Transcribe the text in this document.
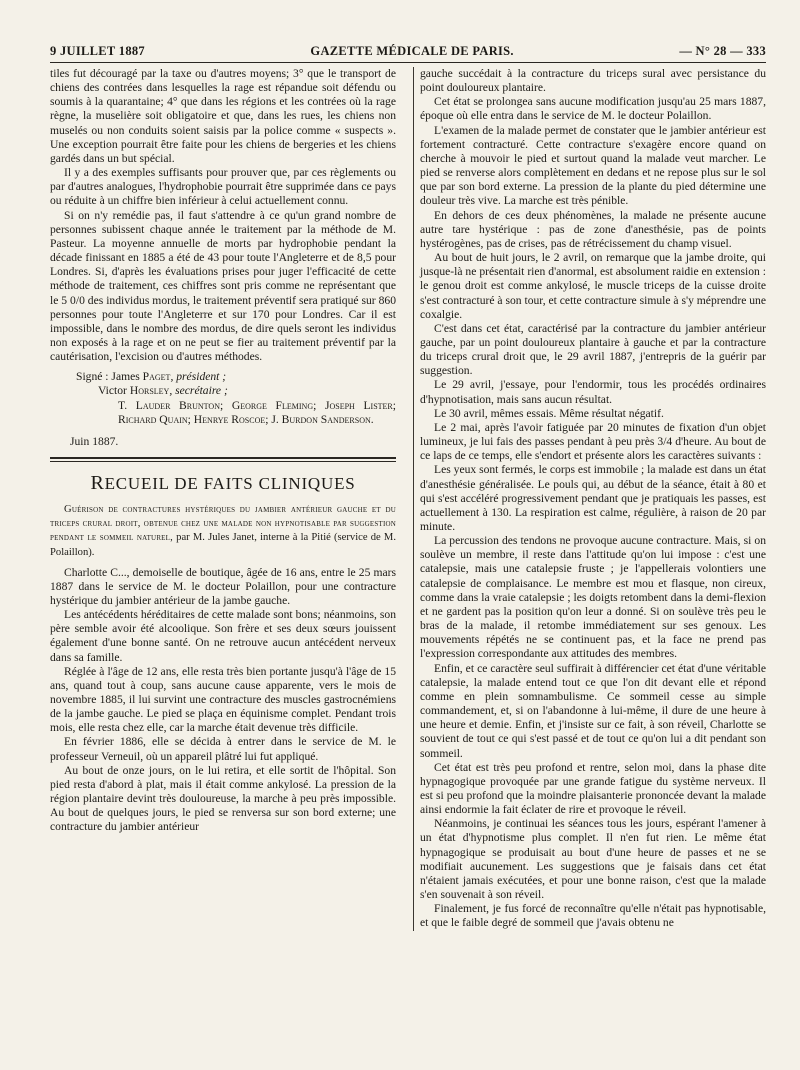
9 JUILLET 1887	GAZETTE MÉDICALE DE PARIS.	— N° 28 — 333

tiles fut découragé par la taxe ou d'autres moyens; 3° que le transport de chiens des contrées dans lesquelles la rage est répandue soit défendu ou soumis à la quarantaine; 4° que dans les régions et les contrées où la rage règne, la muselière soit obligatoire et que, dans les rues, les chiens non muselés ou non conduits soient saisis par la police comme « suspects ». Une exception pourrait être faite pour les chiens de bergeries et les chiens gardés dans un but spécial.

Il y a des exemples suffisants pour prouver que, par ces règlements ou par d'autres analogues, l'hydrophobie pourrait être supprimée dans ce pays ou réduite à un chiffre bien inférieur à celui actuellement connu.

Si on n'y remédie pas, il faut s'attendre à ce qu'un grand nombre de personnes subissent chaque année le traitement par la méthode de M. Pasteur. La moyenne annuelle de morts par hydrophobie pendant la décade finissant en 1885 a été de 43 pour toute l'Angleterre et de 8,5 pour Londres. Si, d'après les évaluations prises pour juger l'efficacité de cette méthode de traitement, ces chiffres sont pris comme ne représentant que le 5 0/0 des individus mordus, le traitement préventif sera pratiqué sur 860 personnes pour toute l'Angleterre et sur 170 pour Londres. Car il est impossible, dans le nombre des mordus, de dire quels seront les individus non exposés à la rage et on ne peut se fier au traitement préventif par la cautérisation, l'excision ou d'autres méthodes.

Signé : James Paget, président ;

Victor Horsley, secrétaire ;

T. Lauder Brunton; George Fleming; Joseph Lister; Richard Quain; Henrye Roscoe; J. Burdon Sanderson.

Juin 1887.

RECUEIL DE FAITS CLINIQUES

Guérison de contractures hystériques du jambier antérieur gauche et du triceps crural droit, obtenue chez une malade non hypnotisable par suggestion pendant le sommeil naturel, par M. Jules Janet, interne à la Pitié (service de M. Polaillon).

Charlotte C..., demoiselle de boutique, âgée de 16 ans, entre le 25 mars 1887 dans le service de M. le docteur Polaillon, pour une contracture hystérique du jambier antérieur de la jambe gauche.

Les antécédents héréditaires de cette malade sont bons; néanmoins, son père semble avoir été alcoolique. Son frère et ses deux sœurs jouissent également d'une bonne santé. On ne retrouve aucun antécédent nerveux dans sa famille.

Réglée à l'âge de 12 ans, elle resta très bien portante jusqu'à l'âge de 15 ans, quand tout à coup, sans aucune cause apparente, vers le mois de novembre 1885, il lui survint une contracture des muscles gastrocnémiens de la jambe gauche. Le pied se plaça en équinisme complet. Pendant trois mois, elle resta chez elle, car la marche était devenue très difficile.

En février 1886, elle se décida à entrer dans le service de M. le professeur Verneuil, où un appareil plâtré lui fut appliqué.

Au bout de onze jours, on le lui retira, et elle sortit de l'hôpital. Son pied resta d'abord à plat, mais il était comme ankylosé. La pression de la région plantaire devint très douloureuse, la marche à peu près impossible. Au bout de quelques jours, le pied se renversa sur son bord externe; une contracture du jambier antérieur

gauche succédait à la contracture du triceps sural avec persistance du point douloureux plantaire.

Cet état se prolongea sans aucune modification jusqu'au 25 mars 1887, époque où elle entra dans le service de M. le docteur Polaillon.

L'examen de la malade permet de constater que le jambier antérieur est fortement contracturé. Cette contracture s'exagère encore quand on cherche à mouvoir le pied et surtout quand la malade veut marcher. Le pied se renverse alors complètement en dedans et ne repose plus sur le sol que par son bord externe. La pression de la plante du pied détermine une douleur très vive. La marche est très pénible.

En dehors de ces deux phénomènes, la malade ne présente aucune autre tare hystérique : pas de zone d'anesthésie, pas de points hystérogènes, pas de crises, pas de rétrécissement du champ visuel.

Au bout de huit jours, le 2 avril, on remarque que la jambe droite, qui jusque-là ne présentait rien d'anormal, est absolument raidie en extension : le genou droit est comme ankylosé, le muscle triceps de la cuisse droite s'est contracturé à son tour, et cette contracture simule à s'y méprendre une coxalgie.

C'est dans cet état, caractérisé par la contracture du jambier antérieur gauche, par un point douloureux plantaire à gauche et par la contracture du triceps crural droit que, le 29 avril 1887, j'entrepris de la guérir par suggestion.

Le 29 avril, j'essaye, pour l'endormir, tous les procédés ordinaires d'hypnotisation, mais sans aucun résultat.

Le 30 avril, mêmes essais. Même résultat négatif.

Le 2 mai, après l'avoir fatiguée par 20 minutes de fixation d'un objet lumineux, je lui fais des passes pendant à peu près 3/4 d'heure. Au bout de ce laps de ce temps, elle s'endort et présente alors les caractères suivants :

Les yeux sont fermés, le corps est immobile ; la malade est dans un état d'anesthésie généralisée. Le pouls qui, au début de la séance, était à 80 et qui s'est accéléré progressivement pendant que je pratiquais les passes, est actuellement à 130. La respiration est calme, régulière, à raison de 20 par minute.

La percussion des tendons ne provoque aucune contracture. Mais, si on soulève un membre, il reste dans l'attitude qu'on lui impose : c'est une catalepsie, mais une catalepsie fruste ; je l'appellerais volontiers une catalepsie de complaisance. Le membre est mou et flasque, non cireux, comme dans la vraie catalepsie ; les doigts retombent dans la demi-flexion et ne gardent pas la position qu'on leur a donné. Si on soulève très peu le bras de la malade, il retombe immédiatement sur ses genoux. Les mouvements répétés ne se continuent pas, et la face ne prend pas l'expression correspondante aux attitudes des membres.

Enfin, et ce caractère seul suffirait à différencier cet état d'une véritable catalepsie, la malade entend tout ce que l'on dit devant elle et répond comme en plein somnambulisme. Ce sommeil cesse au simple commandement, et, si on l'abandonne à lui-même, il dure de une heure à une heure et demie. Enfin, et j'insiste sur ce fait, à son réveil, Charlotte se souvient de tout ce qui s'est passé et de tout ce qu'on lui a dit pendant son sommeil.

Cet état est très peu profond et rentre, selon moi, dans la phase dite hypnagogique provoquée par une grande fatigue du système nerveux. Il est si peu profond que la moindre plaisanterie prononcée devant la malade ainsi endormie la fait éclater de rire et provoque le réveil.

Néanmoins, je continuai les séances tous les jours, espérant l'amener à un état d'hypnotisme plus complet. Il n'en fut rien. Le même état hypnagogique se produisait au bout d'une heure de passes et ne se modifiait aucunement. Les suggestions que je faisais dans cet état n'étaient jamais exécutées, et pour une bonne raison, c'est que la malade s'en souvenait à son réveil.

Finalement, je fus forcé de reconnaître qu'elle n'était pas hypnotisable, et que le faible degré de sommeil que j'avais obtenu ne
